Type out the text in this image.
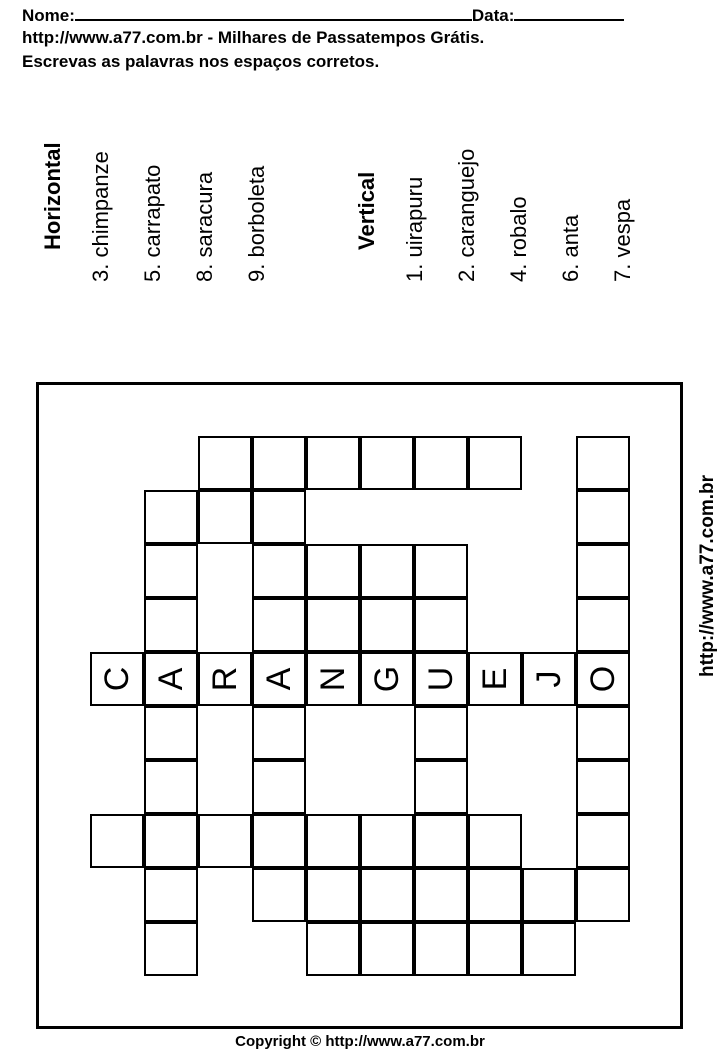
Nome:	Data:
http://www.a77.com.br - Milhares de Passatempos Grátis.
Escrevas as palavras nos espaços corretos.
Horizontal 3. chimpanze 5. carrapato 8. saracura 9. borboleta	Vertical 1. uirapuru 2. caranguejo 4. robalo 6. anta 7. vespa
C A R A N G U E J O
http://www.a77.com.br
Copyright © http://www.a77.com.br
